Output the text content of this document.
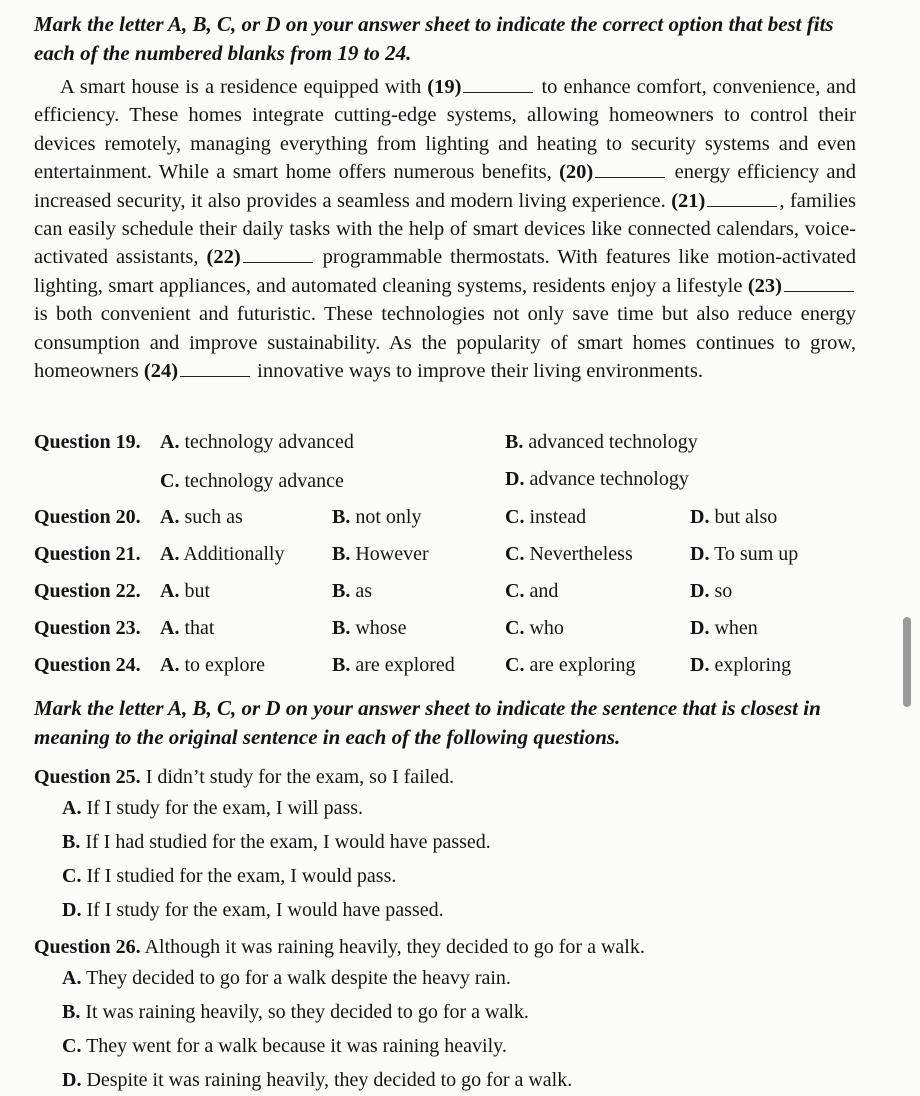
Mark the letter A, B, C, or D on your answer sheet to indicate the correct option that best fits each of the numbered blanks from 19 to 24.
A smart house is a residence equipped with (19)	to enhance comfort, convenience, and efficiency. These homes integrate cutting-edge systems, allowing homeowners to control their devices remotely, managing everything from lighting and heating to security systems and even entertainment. While a smart home offers numerous benefits, (20)	energy efficiency and increased security, it also provides a seamless and modern living experience. (21)	, families can easily schedule their daily tasks with the help of smart devices like connected calendars, voice-activated assistants, (22)	programmable thermostats. With features like motion-activated lighting, smart appliances, and automated cleaning systems, residents enjoy a lifestyle (23) is both convenient and futuristic. These technologies not only save time but also reduce energy consumption and improve sustainability. As the popularity of smart homes continues to grow, homeowners (24)	innovative ways to improve their living environments.
Question 19. A. technology advanced	B. advanced technology
C. technology advance	D. advance technology
Question 20. A. such as	B. not only	C. instead	D. but also
Question 21. A. Additionally B. However	C. Nevertheless	D. To sum up
Question 22. A. but	B. as	C. and	D. so
Question 23. A. that	B. whose	C. who	D. when
Question 24. A. to explore	B. are explored	C. are exploring	D. exploring
Mark the letter A, B, C, or D on your answer sheet to indicate the sentence that is closest in meaning to the original sentence in each of the following questions.
Question 25. I didn’t study for the exam, so I failed.
A. If I study for the exam, I will pass.
B. If I had studied for the exam, I would have passed.
C. If I studied for the exam, I would pass.
D. If I study for the exam, I would have passed.
Question 26. Although it was raining heavily, they decided to go for a walk.
A. They decided to go for a walk despite the heavy rain.
B. It was raining heavily, so they decided to go for a walk.
C. They went for a walk because it was raining heavily.
D. Despite it was raining heavily, they decided to go for a walk.
